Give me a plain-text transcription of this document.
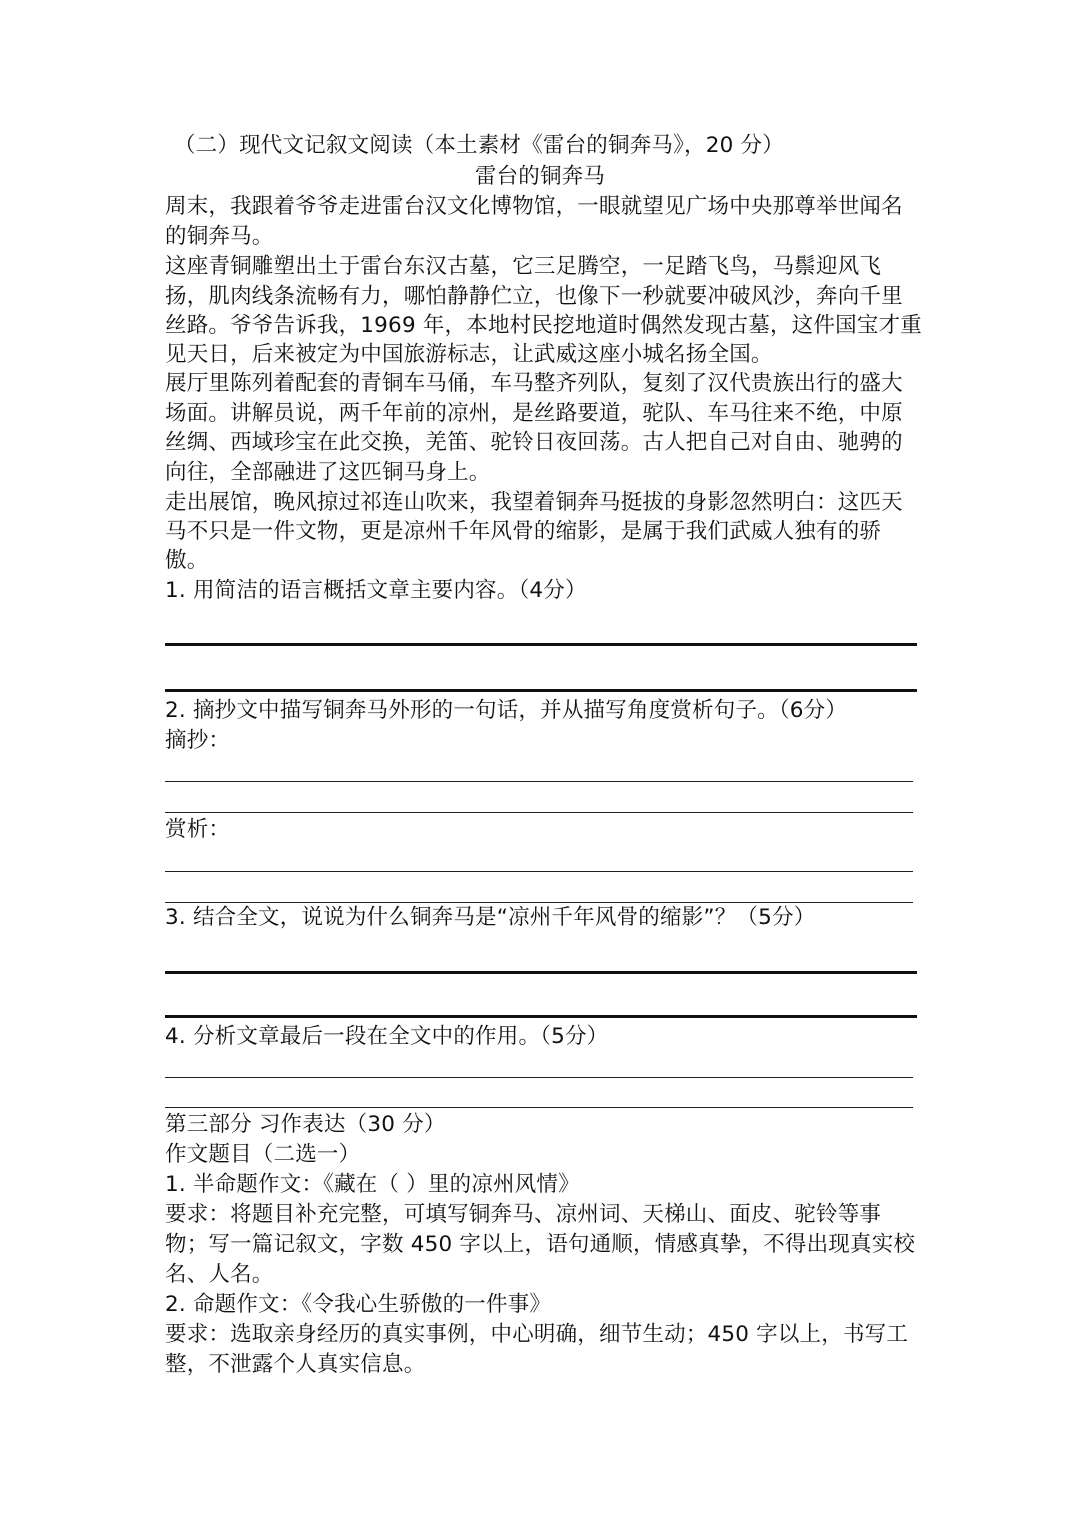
（二）现代文记叙文阅读（本土素材《雷台的铜奔马》，20 分）
雷台的铜奔马
周末，我跟着爷爷走进雷台汉文化博物馆，一眼就望见广场中央那尊举世闻名
的铜奔马。
这座青铜雕塑出土于雷台东汉古墓，它三足腾空，一足踏飞鸟，马鬃迎风飞
扬，肌肉线条流畅有力，哪怕静静伫立，也像下一秒就要冲破风沙，奔向千里
丝路。爷爷告诉我，1969 年，本地村民挖地道时偶然发现古墓，这件国宝才重
见天日，后来被定为中国旅游标志，让武威这座小城名扬全国。
展厅里陈列着配套的青铜车马俑，车马整齐列队，复刻了汉代贵族出行的盛大
场面。讲解员说，两千年前的凉州，是丝路要道，驼队、车马往来不绝，中原
丝绸、西域珍宝在此交换，羌笛、驼铃日夜回荡。古人把自己对自由、驰骋的
向往，全部融进了这匹铜马身上。
走出展馆，晚风掠过祁连山吹来，我望着铜奔马挺拔的身影忽然明白：这匹天
马不只是一件文物，更是凉州千年风骨的缩影，是属于我们武威人独有的骄
傲。
1. 用简洁的语言概括文章主要内容。（4分）
2. 摘抄文中描写铜奔马外形的一句话，并从描写角度赏析句子。（6分）
摘抄：
赏析：
3. 结合全文，说说为什么铜奔马是“凉州千年风骨的缩影”？（5分）
4. 分析文章最后一段在全文中的作用。（5分）
第三部分 习作表达（30 分）
作文题目（二选一）
1. 半命题作文：《藏在（ ）里的凉州风情》
要求：将题目补充完整，可填写铜奔马、凉州词、天梯山、面皮、驼铃等事
物；写一篇记叙文，字数 450 字以上，语句通顺，情感真挚，不得出现真实校
名、人名。
2. 命题作文：《令我心生骄傲的一件事》
要求：选取亲身经历的真实事例，中心明确，细节生动；450 字以上，书写工
整，不泄露个人真实信息。
